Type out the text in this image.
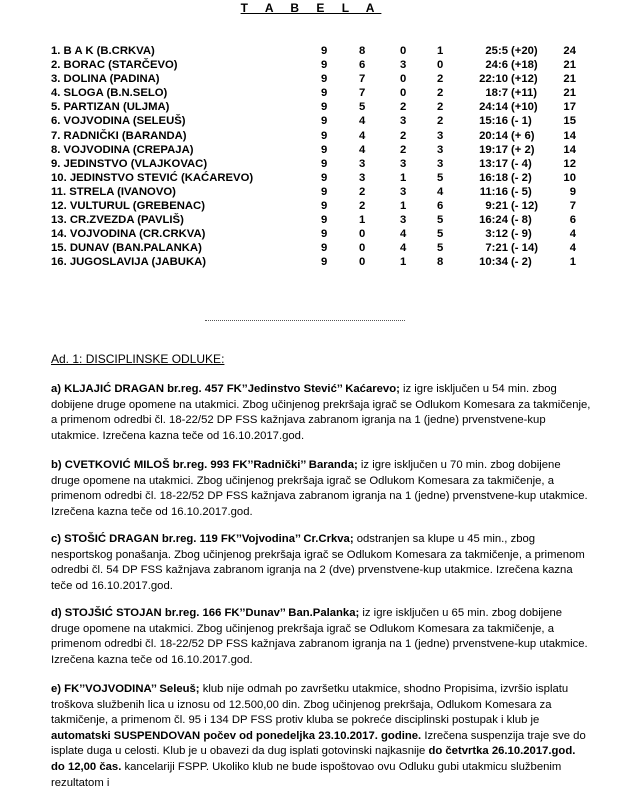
T A B E L A
1. B A K (B.CRKVA)	9	8	0	1	25:5 (+20)	24
2. BORAC (STARČEVO)	9	6	3	0	24:6 (+18)	21
3. DOLINA (PADINA)	9	7	0	2	22:10 (+12)	21
4. SLOGA (B.N.SELO)	9	7	0	2	18:7 (+11)	21
5. PARTIZAN (ULJMA)	9	5	2	2	24:14 (+10)	17
6. VOJVODINA (SELEUŠ)	9	4	3	2	15:16 (- 1)	15
7. RADNIČKI (BARANDA)	9	4	2	3	20:14 (+ 6)	14
8. VOJVODINA (CREPAJA)	9	4	2	3	19:17 (+ 2)	14
9. JEDINSTVO (VLAJKOVAC)	9	3	3	3	13:17 (- 4)	12
10. JEDINSTVO STEVIĆ (KAĆAREVO)	9	3	1	5	16:18 (- 2)	10
11. STRELA (IVANOVO)	9	2	3	4	11:16 (- 5)	9
12. VULTURUL (GREBENAC)	9	2	1	6	9:21 (- 12)	7
13. CR.ZVEZDA (PAVLIŠ)	9	1	3	5	16:24 (- 8)	6
14. VOJVODINA (CR.CRKVA)	9	0	4	5	3:12 (- 9)	4
15. DUNAV (BAN.PALANKA)	9	0	4	5	7:21 (- 14)	4
16. JUGOSLAVIJA (JABUKA)	9	0	1	8	10:34 (- 2)	1
Ad. 1: DISCIPLINSKE ODLUKE:
a) KLJAJIĆ DRAGAN br.reg. 457 FK’’Jedinstvo Stević’’ Kaćarevo; iz igre isključen u 54 min. zbog dobijene druge opomene na utakmici. Zbog učinjenog prekršaja igrač se Odlukom Komesara za takmičenje, a primenom odredbi čl. 18-22/52 DP FSS kažnjava zabranom igranja na 1 (jedne) prvenstvene-kup utakmice. Izrečena kazna teče od 16.10.2017.god.
b) CVETKOVIĆ MILOŠ br.reg. 993 FK’’Radnički’’ Baranda; iz igre isključen u 70 min. zbog dobijene druge opomene na utakmici. Zbog učinjenog prekršaja igrač se Odlukom Komesara za takmičenje, a primenom odredbi čl. 18-22/52 DP FSS kažnjava zabranom igranja na 1 (jedne) prvenstvene-kup utakmice. Izrečena kazna teče od 16.10.2017.god.
c) STOŠIĆ DRAGAN br.reg. 119 FK’’Vojvodina’’ Cr.Crkva; odstranjen sa klupe u 45 min., zbog nesportskog ponašanja. Zbog učinjenog prekršaja igrač se Odlukom Komesara za takmičenje, a primenom odredbi čl. 54 DP FSS kažnjava zabranom igranja na 2 (dve) prvenstvene-kup utakmice. Izrečena kazna teče od 16.10.2017.god.
d) STOJŠIĆ STOJAN br.reg. 166 FK’’Dunav’’ Ban.Palanka; iz igre isključen u 65 min. zbog dobijene druge opomene na utakmici. Zbog učinjenog prekršaja igrač se Odlukom Komesara za takmičenje, a primenom odredbi čl. 18-22/52 DP FSS kažnjava zabranom igranja na 1 (jedne) prvenstvene-kup utakmice. Izrečena kazna teče od 16.10.2017.god.
e) FK’’VOJVODINA’’ Seleuš; klub nije odmah po završetku utakmice, shodno Propisima, izvršio isplatu troškova službenih lica u iznosu od 12.500,00 din. Zbog učinjenog prekršaja, Odlukom Komesara za takmičenje, a primenom čl. 95 i 134 DP FSS protiv kluba se pokreće disciplinski postupak i klub je automatski SUSPENDOVAN počev od ponedeljka 23.10.2017. godine. Izrečena suspenzija traje sve do isplate duga u celosti. Klub je u obavezi da dug isplati gotovinski najkasnije do četvrtka 26.10.2017.god. do 12,00 čas. kancelariji FSPP. Ukoliko klub ne bude ispoštovao ovu Odluku gubi utakmicu službenim rezultatom i
